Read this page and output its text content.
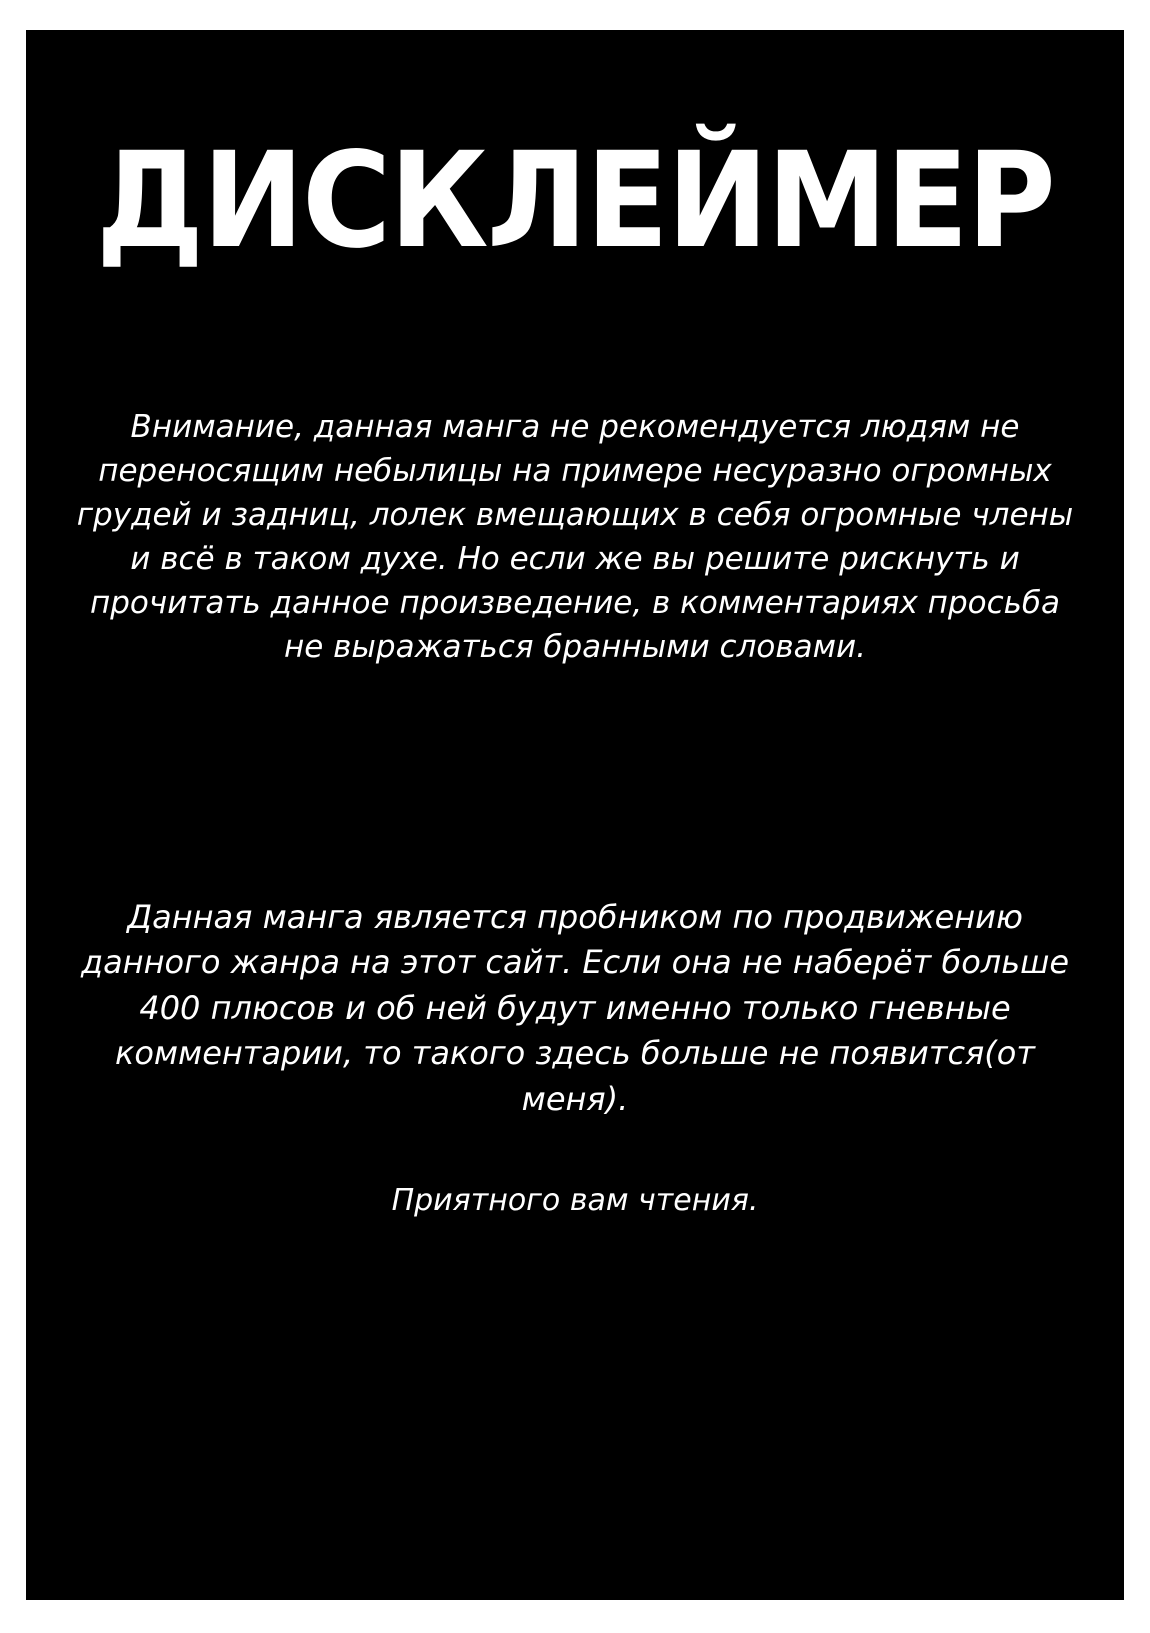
ДИСКЛЕЙМЕР
Внимание, данная манга не рекомендуется людям не переносящим небылицы на примере несуразно огромных грудей и задниц, лолек вмещающих в себя огромные члены и всё в таком духе. Но если же вы решите рискнуть и прочитать данное произведение, в комментариях просьба не выражаться бранными словами.
Данная манга является пробником по продвижению данного жанра на этот сайт. Если она не наберёт больше 400 плюсов и об ней будут именно только гневные комментарии, то такого здесь больше не появится(от меня).
Приятного вам чтения.
